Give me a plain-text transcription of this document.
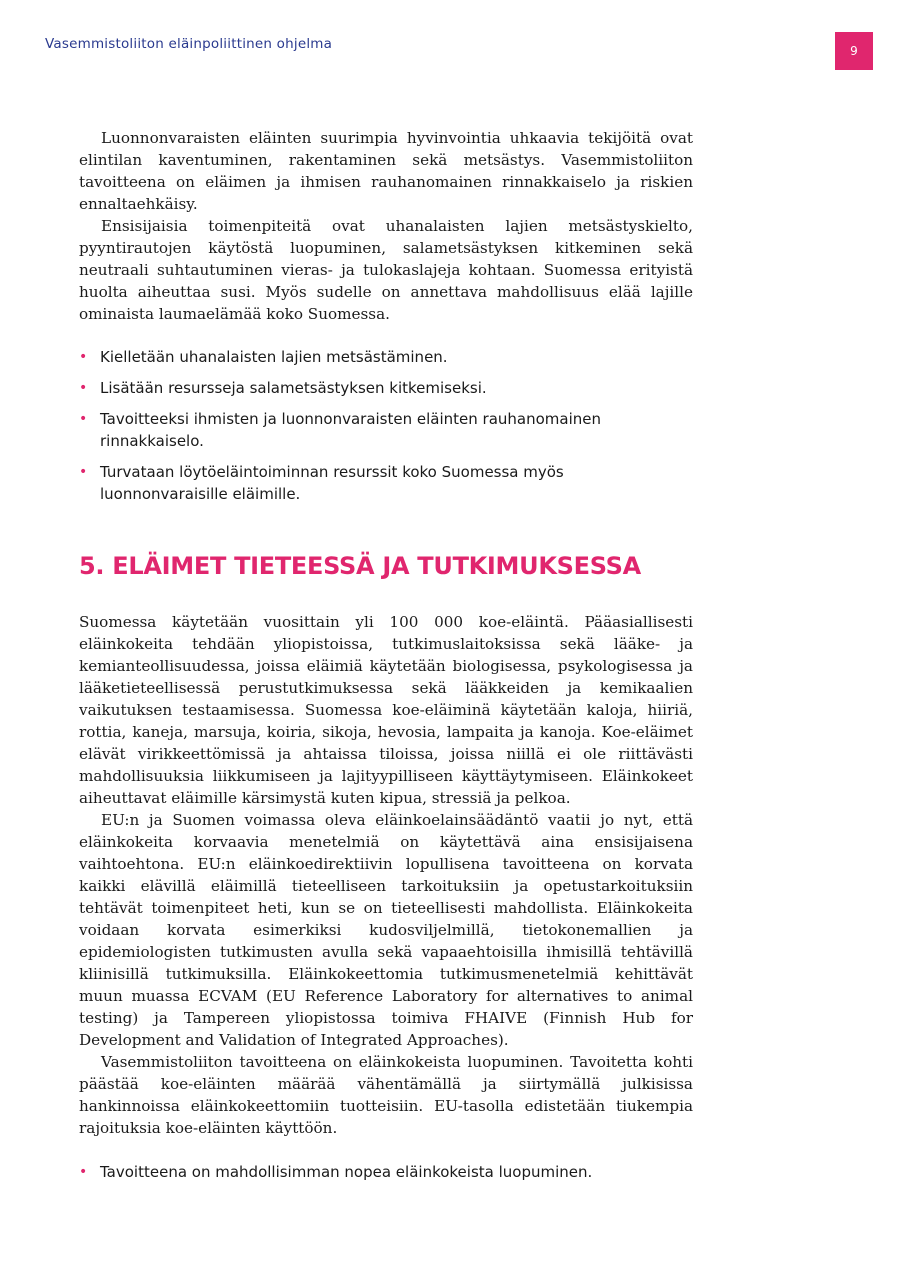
Vasemmistoliiton eläinpoliittinen ohjelma	9

Luonnonvaraisten eläinten suurimpia hyvinvointia uhkaavia tekijöitä ovat elintilan kaventuminen, rakentaminen sekä metsästys. Vasemmistoliiton tavoitteena on eläimen ja ihmisen rauhanomainen rinnakkaiselo ja riskien ennaltaehkäisy.

Ensisijaisia toimenpiteitä ovat uhanalaisten lajien metsästyskielto, pyyntirautojen käytöstä luopuminen, salametsästyksen kitkeminen sekä neutraali suhtautuminen vieras- ja tulokaslajeja kohtaan. Suomessa erityistä huolta aiheuttaa susi. Myös sudelle on annettava mahdollisuus elää lajille ominaista laumaelämää koko Suomessa.

• Kielletään uhanalaisten lajien metsästäminen.
• Lisätään resursseja salametsästyksen kitkemiseksi.
• Tavoitteeksi ihmisten ja luonnonvaraisten eläinten rauhanomainen rinnakkaiselo.
• Turvataan löytöeläintoiminnan resurssit koko Suomessa myös luonnonvaraisille eläimille.
5. ELÄIMET TIETEESSÄ JA TUTKIMUKSESSA

Suomessa käytetään vuosittain yli 100 000 koe-eläintä. Pääasiallisesti eläinkokeita tehdään yliopistoissa, tutkimuslaitoksissa sekä lääke- ja kemianteollisuudessa, joissa eläimiä käytetään biologisessa, psykologisessa ja lääketieteellisessä perustutkimuksessa sekä lääkkeiden ja kemikaalien vaikutuksen testaamisessa. Suomessa koe-eläiminä käytetään kaloja, hiiriä, rottia, kaneja, marsuja, koiria, sikoja, hevosia, lampaita ja kanoja. Koe-eläimet elävät virikkeettömissä ja ahtaissa tiloissa, joissa niillä ei ole riittävästi mahdollisuuksia liikkumiseen ja lajityypilliseen käyttäytymiseen. Eläinkokeet aiheuttavat eläimille kärsimystä kuten kipua, stressiä ja pelkoa.

EU:n ja Suomen voimassa oleva eläinkoelainsäädäntö vaatii jo nyt, että eläinkokeita korvaavia menetelmiä on käytettävä aina ensisijaisena vaihtoehtona. EU:n eläinkoedirektiivin lopullisena tavoitteena on korvata kaikki elävillä eläimillä tieteelliseen tarkoituksiin ja opetustarkoituksiin tehtävät toimenpiteet heti, kun se on tieteellisesti mahdollista. Eläinkokeita voidaan korvata esimerkiksi kudosviljelmillä, tietokonemallien ja epidemiologisten tutkimusten avulla sekä vapaaehtoisilla ihmisillä tehtävillä kliinisillä tutkimuksilla. Eläinkokeettomia tutkimusmenetelmiä kehittävät muun muassa ECVAM (EU Reference Laboratory for alternatives to animal testing) ja Tampereen yliopistossa toimiva FHAIVE (Finnish Hub for Development and Validation of Integrated Approaches).

Vasemmistoliiton tavoitteena on eläinkokeista luopuminen. Tavoitetta kohti päästää koe-eläinten määrää vähentämällä ja siirtymällä julkisissa hankinnoissa eläinkokeettomiin tuotteisiin. EU-tasolla edistetään tiukempia rajoituksia koe-eläinten käyttöön.

• Tavoitteena on mahdollisimman nopea eläinkokeista luopuminen.
